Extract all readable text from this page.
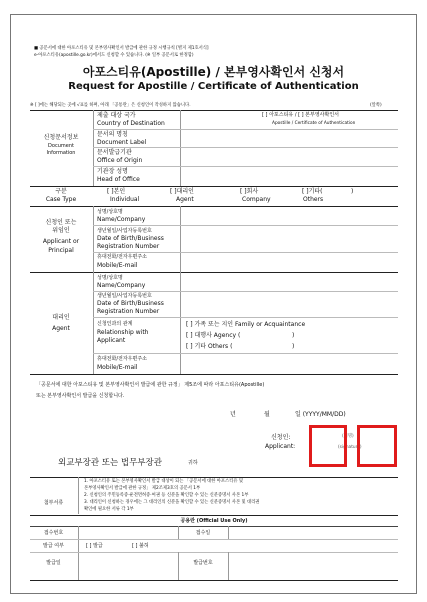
■ 공문서에 대한 아포스티유 및 본부영사확인서 발급에 관한 규정 시행규칙 [별지 제1호서식]
e-아포스티유(apostille.go.kr)에서도 신청할 수 있습니다. (※ 일부 공문서로 한정함)
아포스티유(Apostille) / 본부영사확인서 신청서
Request for Apostille / Certificate of Authentication
※ [ ]에는 해당되는 곳에 √표를 하며, 아래 「공통란」은 신청인이 작성하지 않습니다.	(앞쪽)
신청문서정보
Document
Information
제출 대상 국가
Country of Destination
[ ] 아포스티유 / [ ] 본부영사확인서
Apostille / Certificate of Authentication
문서의 명칭
Document Label
문서발급기관
Office of Origin
기관장 성명
Head of Office
구분
Case Type
[ ]본인
Individual
[ ]대리인
Agent
[ ]회사
Company
[ ]기타(	)
Others
신청인 또는
위임인
Applicant or
Principal
성명/상호명
Name/Company
생년월일/사업자등록번호
Date of Birth/Business
Registration Number
휴대전화/전자우편주소
Mobile/E-mail
대리인
Agent
성명/상호명
Name/Company
생년월일/사업자등록번호
Date of Birth/Business
Registration Number
신청인과의 관계
Relationship with
Applicant
[ ] 가족 또는 지인 Family or Acquaintance
[ ] 대행사 Agency (	)
[ ] 기타 Others (	)
휴대전화/전자우편주소
Mobile/E-mail
「공문서에 대한 아포스티유 및 본부영사확인서 발급에 관한 규정」 제5조에 따라 아포스티유(Apostille)
또는 본부영사확인서 발급을 신청합니다.
년	월	일 (YYYY/MM/DD)
신청인:
Applicant:
(서명)
(signature)
외교부장관 또는 법무부장관	귀하
첨부서류
1. 아포스티유 또는 본부영사확인서 발급 대상이 되는 「공문서에 대한 아포스티유 및
본부영사확인서 발급에 관한 규정」 제2조제3호의 공문서 1부
2. 신청인의 주민등록증·운전면허증·여권 등 신분을 확인할 수 있는 신분증명서 사본 1부
3. 대리인이 신청하는 경우에는 그 대리인의 신분을 확인할 수 있는 신분증명서 사본 및 대리권
확인에 필요한 서류 각 1부
공용란 (Official Use Only)
접수번호	접수일
발급 여부	[ ] 발급	[ ] 불허
발급일	발급번호
